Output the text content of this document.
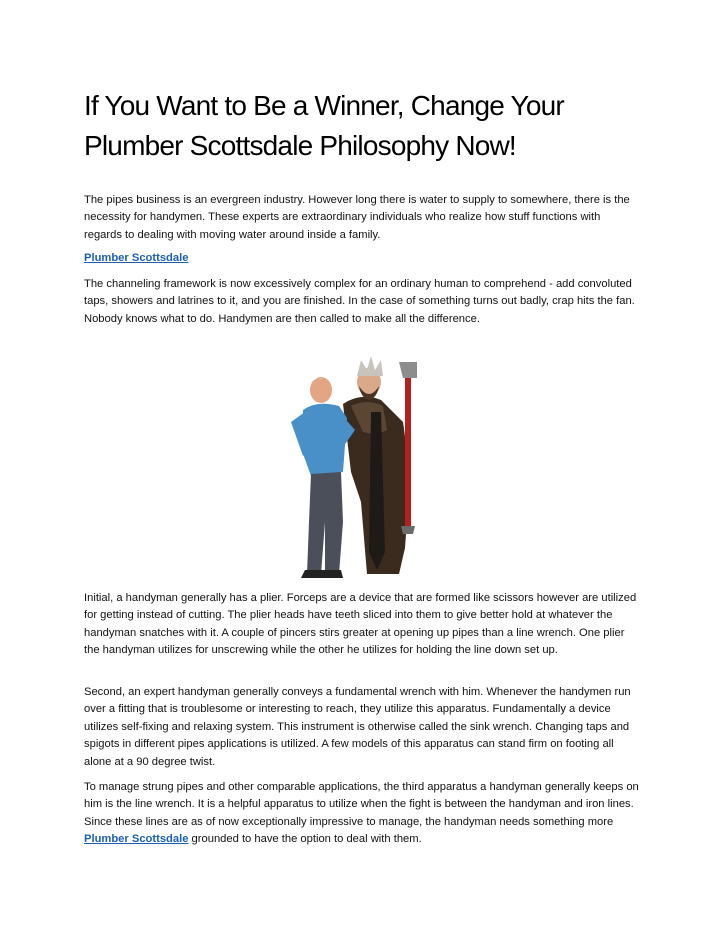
If You Want to Be a Winner, Change Your
Plumber Scottsdale Philosophy Now!

The pipes business is an evergreen industry. However long there is water to supply to somewhere, there is the necessity for handymen. These experts are extraordinary individuals who realize how stuff functions with regards to dealing with moving water around inside a family.

Plumber Scottsdale

The channeling framework is now excessively complex for an ordinary human to comprehend - add convoluted taps, showers and latrines to it, and you are finished. In the case of something turns out badly, crap hits the fan. Nobody knows what to do. Handymen are then called to make all the difference.

Initial, a handyman generally has a plier. Forceps are a device that are formed like scissors however are utilized for getting instead of cutting. The plier heads have teeth sliced into them to give better hold at whatever the handyman snatches with it. A couple of pincers stirs greater at opening up pipes than a line wrench. One plier the handyman utilizes for unscrewing while the other he utilizes for holding the line down set up.

Second, an expert handyman generally conveys a fundamental wrench with him. Whenever the handymen run over a fitting that is troublesome or interesting to reach, they utilize this apparatus. Fundamentally a device utilizes self-fixing and relaxing system. This instrument is otherwise called the sink wrench. Changing taps and spigots in different pipes applications is utilized. A few models of this apparatus can stand firm on footing all alone at a 90 degree twist.

To manage strung pipes and other comparable applications, the third apparatus a handyman generally keeps on him is the line wrench. It is a helpful apparatus to utilize when the fight is between the handyman and iron lines. Since these lines are as of now exceptionally impressive to manage, the handyman needs something more Plumber Scottsdale grounded to have the option to deal with them.
